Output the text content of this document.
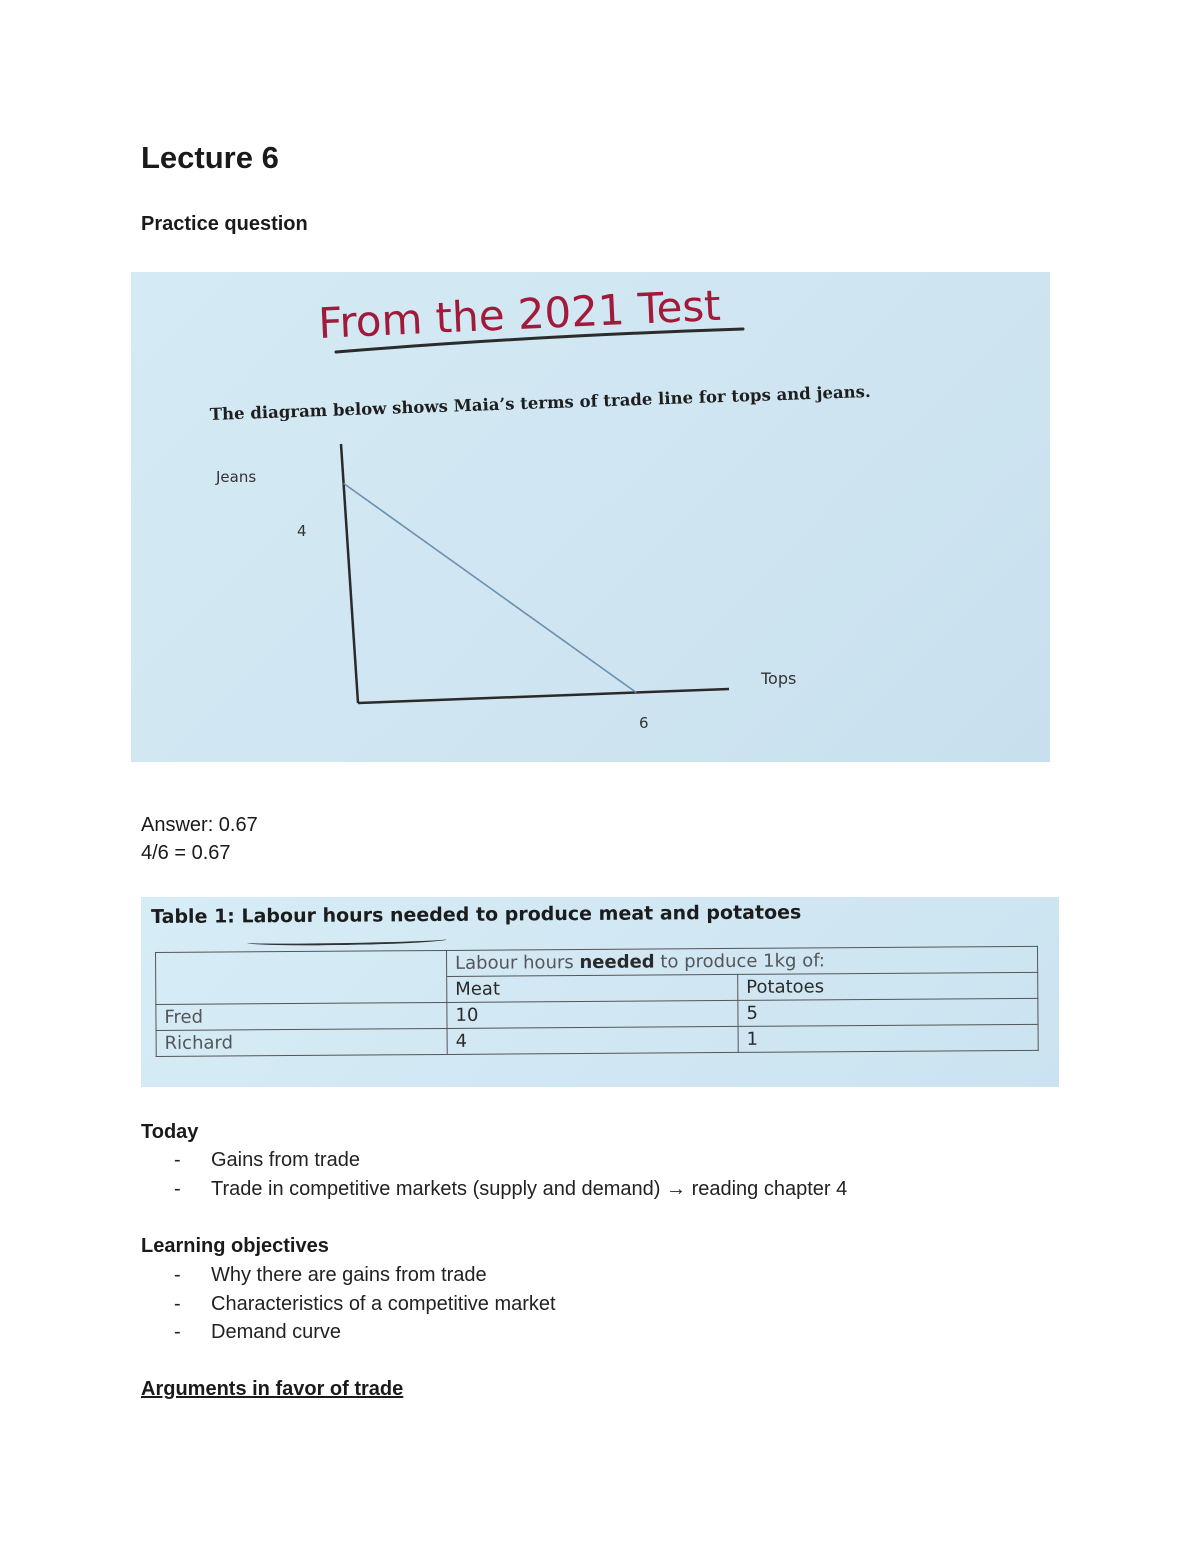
Lecture 6
Practice question
From the 2021 Test
The diagram below shows Maia’s terms of trade line for tops and jeans.
Jeans
Tops
4
6
Answer: 0.67
4/6 = 0.67
Table 1: Labour hours needed to produce meat and potatoes
	Labour hours needed to produce 1kg of:	
	Meat	Potatoes
Fred	10	5
Richard	4	1
Today
- Gains from trade
- Trade in competitive markets (supply and demand) → reading chapter 4
Learning objectives
- Why there are gains from trade
- Characteristics of a competitive market
- Demand curve
Arguments in favor of trade
